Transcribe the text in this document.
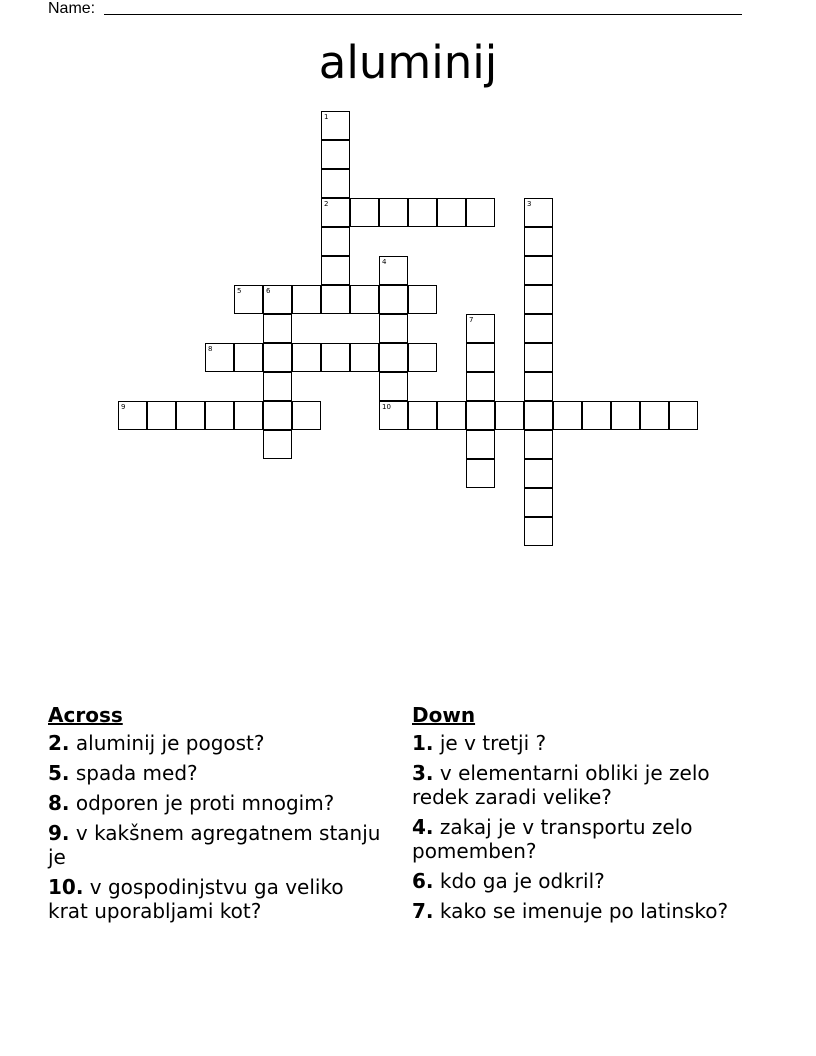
Name:
aluminij
1
2	3
4
10
5	6
7
8
9
Across
2. aluminij je pogost?
5. spada med?
8. odporen je proti mnogim?
9. v kakšnem agregatnem stanju je
10. v gospodinjstvu ga veliko krat uporabljami kot?
Down
1. je v tretji ?
3. v elementarni obliki je zelo redek zaradi velike?
4. zakaj je v transportu zelo pomemben?
6. kdo ga je odkril?
7. kako se imenuje po latinsko?
